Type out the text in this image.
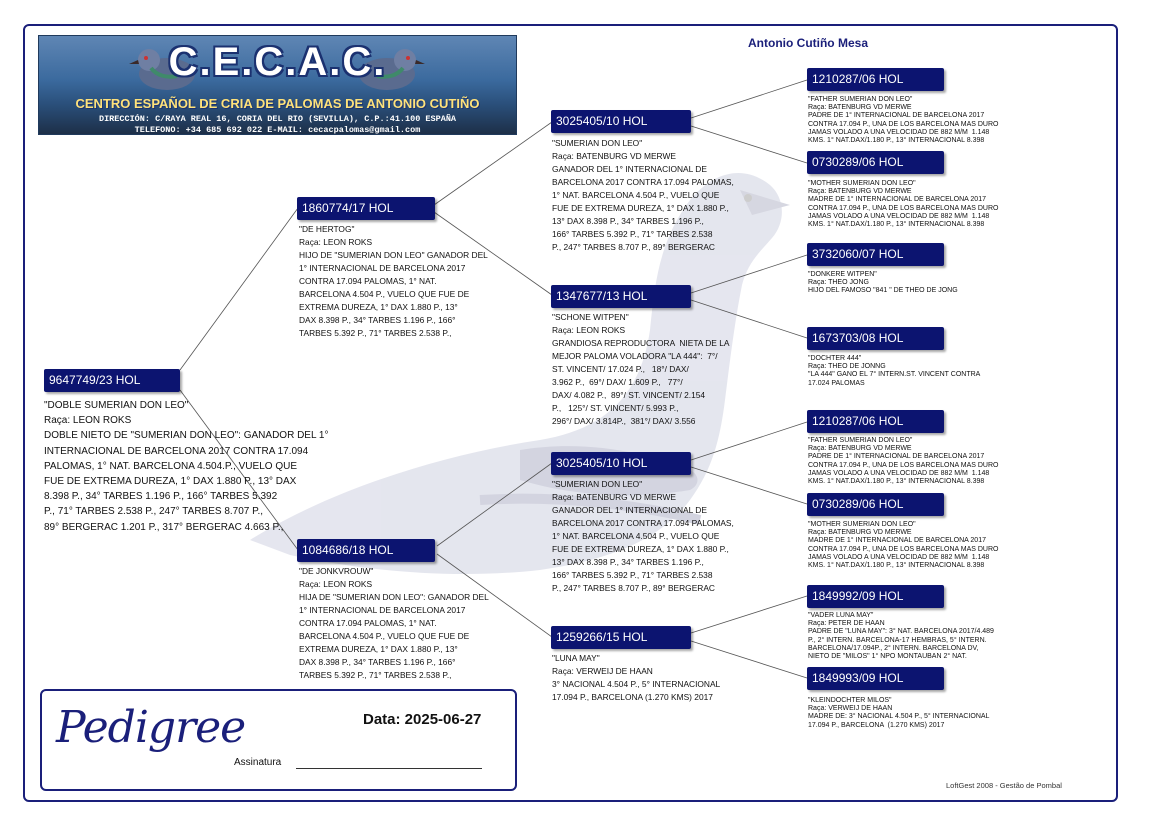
C.E.C.A.C.
CENTRO ESPAÑOL DE CRIA DE PALOMAS DE ANTONIO CUTIÑO
DIRECCIÓN: C/RAYA REAL 16, CORIA DEL RIO (SEVILLA), C.P.:41.100 ESPAÑA
TELEFONO: +34 685 692 022 E-MAIL: cecacpalomas@gmail.com
Antonio Cutiño Mesa
9647749/23 HOL
"DOBLE SUMERIAN DON LEO"
Raça: LEON ROKS
DOBLE NIETO DE "SUMERIAN DON LEO": GANADOR DEL 1°
INTERNACIONAL DE BARCELONA 2017 CONTRA 17.094
PALOMAS, 1° NAT. BARCELONA 4.504.P., VUELO QUE
FUE DE EXTREMA DUREZA, 1° DAX 1.880 P., 13° DAX
8.398 P., 34° TARBES 1.196 P., 166° TARBES 5.392
P., 71° TARBES 2.538 P., 247° TARBES 8.707 P.,
89° BERGERAC 1.201 P., 317° BERGERAC 4.663 P.,
1860774/17 HOL
"DE HERTOG"
Raça: LEON ROKS
HIJO DE "SUMERIAN DON LEO" GANADOR DEL
1° INTERNACIONAL DE BARCELONA 2017
CONTRA 17.094 PALOMAS, 1° NAT.
BARCELONA 4.504 P., VUELO QUE FUE DE
EXTREMA DUREZA, 1° DAX 1.880 P., 13°
DAX 8.398 P., 34° TARBES 1.196 P., 166°
TARBES 5.392 P., 71° TARBES 2.538 P.,
1084686/18 HOL
"DE JONKVROUW"
Raça: LEON ROKS
HIJA DE "SUMERIAN DON LEO": GANADOR DEL
1° INTERNACIONAL DE BARCELONA 2017
CONTRA 17.094 PALOMAS, 1° NAT.
BARCELONA 4.504 P., VUELO QUE FUE DE
EXTREMA DUREZA, 1° DAX 1.880 P., 13°
DAX 8.398 P., 34° TARBES 1.196 P., 166°
TARBES 5.392 P., 71° TARBES 2.538 P.,
3025405/10 HOL
"SUMERIAN DON LEO"
Raça: BATENBURG VD MERWE
GANADOR DEL 1° INTERNACIONAL DE
BARCELONA 2017 CONTRA 17.094 PALOMAS,
1° NAT. BARCELONA 4.504 P., VUELO QUE
FUE DE EXTREMA DUREZA, 1° DAX 1.880 P.,
13° DAX 8.398 P., 34° TARBES 1.196 P.,
166° TARBES 5.392 P., 71° TARBES 2.538
P., 247° TARBES 8.707 P., 89° BERGERAC
1347677/13 HOL
"SCHONE WITPEN"
Raça: LEON ROKS
GRANDIOSA REPRODUCTORA  NIETA DE LA
MEJOR PALOMA VOLADORA "LA 444":  7°/
ST. VINCENT/ 17.024 P.,   18°/ DAX/
3.962 P.,  69°/ DAX/ 1.609 P.,   77°/
DAX/ 4.082 P.,  89°/ ST. VINCENT/ 2.154
P.,   125°/ ST. VINCENT/ 5.993 P.,
296°/ DAX/ 3.814P.,  381°/ DAX/ 3.556
3025405/10 HOL
"SUMERIAN DON LEO"
Raça: BATENBURG VD MERWE
GANADOR DEL 1° INTERNACIONAL DE
BARCELONA 2017 CONTRA 17.094 PALOMAS,
1° NAT. BARCELONA 4.504 P., VUELO QUE
FUE DE EXTREMA DUREZA, 1° DAX 1.880 P.,
13° DAX 8.398 P., 34° TARBES 1.196 P.,
166° TARBES 5.392 P., 71° TARBES 2.538
P., 247° TARBES 8.707 P., 89° BERGERAC
1259266/15 HOL
"LUNA MAY"
Raça: VERWEIJ DE HAAN
3° NACIONAL 4.504 P., 5° INTERNACIONAL
17.094 P., BARCELONA (1.270 KMS) 2017
1210287/06 HOL
"FATHER SUMERIAN DON LEO"
Raça: BATENBURG VD MERWE
PADRE DE 1° INTERNACIONAL DE BARCELONA 2017
CONTRA 17.094 P., UNA DE LOS BARCELONA MAS DURO
JAMAS VOLADO A UNA VELOCIDAD DE 882 M/M  1.148
KMS. 1° NAT.DAX/1.180 P., 13° INTERNACIONAL 8.398
0730289/06 HOL
"MOTHER SUMERIAN DON LEO"
Raça: BATENBURG VD MERWE
MADRE DE 1° INTERNACIONAL DE BARCELONA 2017
CONTRA 17.094 P., UNA DE LOS BARCELONA MAS DURO
JAMAS VOLADO A UNA VELOCIDAD DE 882 M/M  1.148
KMS. 1° NAT.DAX/1.180 P., 13° INTERNACIONAL 8.398
3732060/07 HOL
"DONKERE WITPEN"
Raça: THEO JONG
HIJO DEL FAMOSO "841 " DE THEO DE JONG
1673703/08 HOL
"DOCHTER 444"
Raça: THEO DE JONNG
"LA 444" GANO EL 7° INTERN.ST. VINCENT CONTRA
17.024 PALOMAS
1210287/06 HOL
"FATHER SUMERIAN DON LEO"
Raça: BATENBURG VD MERWE
PADRE DE 1° INTERNACIONAL DE BARCELONA 2017
CONTRA 17.094 P., UNA DE LOS BARCELONA MAS DURO
JAMAS VOLADO A UNA VELOCIDAD DE 882 M/M  1.148
KMS. 1° NAT.DAX/1.180 P., 13° INTERNACIONAL 8.398
0730289/06 HOL
"MOTHER SUMERIAN DON LEO"
Raça: BATENBURG VD MERWE
MADRE DE 1° INTERNACIONAL DE BARCELONA 2017
CONTRA 17.094 P., UNA DE LOS BARCELONA MAS DURO
JAMAS VOLADO A UNA VELOCIDAD DE 882 M/M  1.148
KMS. 1° NAT.DAX/1.180 P., 13° INTERNACIONAL 8.398
1849992/09 HOL
"VADER LUNA MAY"
Raça: PETER DE HAAN
PADRE DE "LUNA MAY": 3° NAT. BARCELONA 2017/4.489
P., 2° INTERN. BARCELONA-17 HEMBRAS, 5° INTERN.
BARCELONA/17.094P., 2° INTERN. BARCELONA DV,
NIETO DE "MILOS" 1° NPO MONTAUBAN 2° NAT.
1849993/09 HOL
"KLEINDOCHTER MILOS"
Raça: VERWEIJ DE HAAN
MADRE DE: 3° NACIONAL 4.504 P., 5° INTERNACIONAL
17.094 P., BARCELONA  (1.270 KMS) 2017
Pedigree	Data: 2025-06-27
Assinatura
LoftGest 2008 - Gestão de Pombal
